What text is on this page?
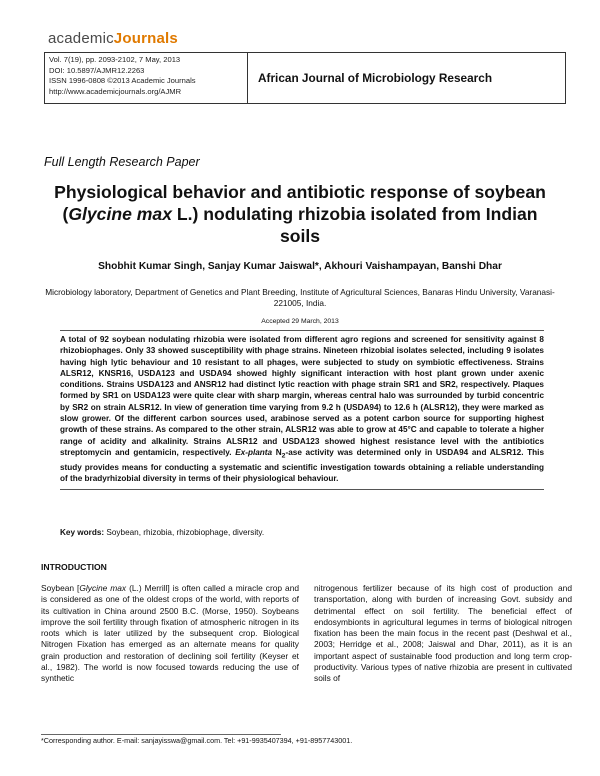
academicJournals
Vol. 7(19), pp. 2093-2102, 7 May, 2013
DOI: 10.5897/AJMR12.2263
ISSN 1996-0808 ©2013 Academic Journals
http://www.academicjournals.org/AJMR
African Journal of Microbiology Research
Full Length Research Paper
Physiological behavior and antibiotic response of soybean (Glycine max L.) nodulating rhizobia isolated from Indian soils
Shobhit Kumar Singh, Sanjay Kumar Jaiswal*, Akhouri Vaishampayan, Banshi Dhar
Microbiology laboratory, Department of Genetics and Plant Breeding, Institute of Agricultural Sciences, Banaras Hindu University, Varanasi-221005, India.
Accepted 29 March, 2013
A total of 92 soybean nodulating rhizobia were isolated from different agro regions and screened for sensitivity against 8 rhizobiophages. Only 33 showed susceptibility with phage strains. Nineteen rhizobial isolates selected, including 9 isolates having high lytic behaviour and 10 resistant to all phages, were subjected to study on symbiotic effectiveness. Strains ALSR12, KNSR16, USDA123 and USDA94 showed highly significant interaction with host plant grown under axenic conditions. Strains USDA123 and ANSR12 had distinct lytic reaction with phage strain SR1 and SR2, respectively. Plaques formed by SR1 on USDA123 were quite clear with sharp margin, whereas central halo was surrounded by turbid concentric by SR2 on strain ALSR12. In view of generation time varying from 9.2 h (USDA94) to 12.6 h (ALSR12), they were marked as slow grower. Of the different carbon sources used, arabinose served as a potent carbon source for supporting highest growth of these strains. As compared to the other strain, ALSR12 was able to grow at 45°C and capable to tolerate a higher range of acidity and alkalinity. Strains ALSR12 and USDA123 showed highest resistance level with the antibiotics streptomycin and gentamicin, respectively. Ex-planta $N_2$-ase activity was determined only in USDA94 and ALSR12. This study provides means for conducting a systematic and scientific investigation towards obtaining a reliable understanding of the bradyrhizobial diversity in terms of their physiological behaviour.
Key words: Soybean, rhizobia, rhizobiophage, diversity.
INTRODUCTION
Soybean [Glycine max (L.) Merrill] is often called a miracle crop and is considered as one of the oldest crops of the world, with reports of its cultivation in China around 2500 B.C. (Morse, 1950). Soybeans improve the soil fertility through fixation of atmospheric nitrogen in its roots which is later utilized by the subsequent crop. Biological Nitrogen Fixation has emerged as an alternate means for quality grain production and restoration of declining soil fertility (Keyser et al., 1982). The world is now focused towards reducing the use of synthetic
nitrogenous fertilizer because of its high cost of production and transportation, along with burden of increasing Govt. subsidy and detrimental effect on soil fertility. The beneficial effect of endosymbionts in agricultural legumes in terms of biological nitrogen fixation has been the main focus in the recent past (Deshwal et al., 2003; Herridge et al., 2008; Jaiswal and Dhar, 2011), as it is an important aspect of sustainable food production and long term crop-productivity. Various types of native rhizobia are present in cultivated soils of
*Corresponding author. E-mail: sanjayisswa@gmail.com. Tel: +91-9935407394, +91-8957743001.
